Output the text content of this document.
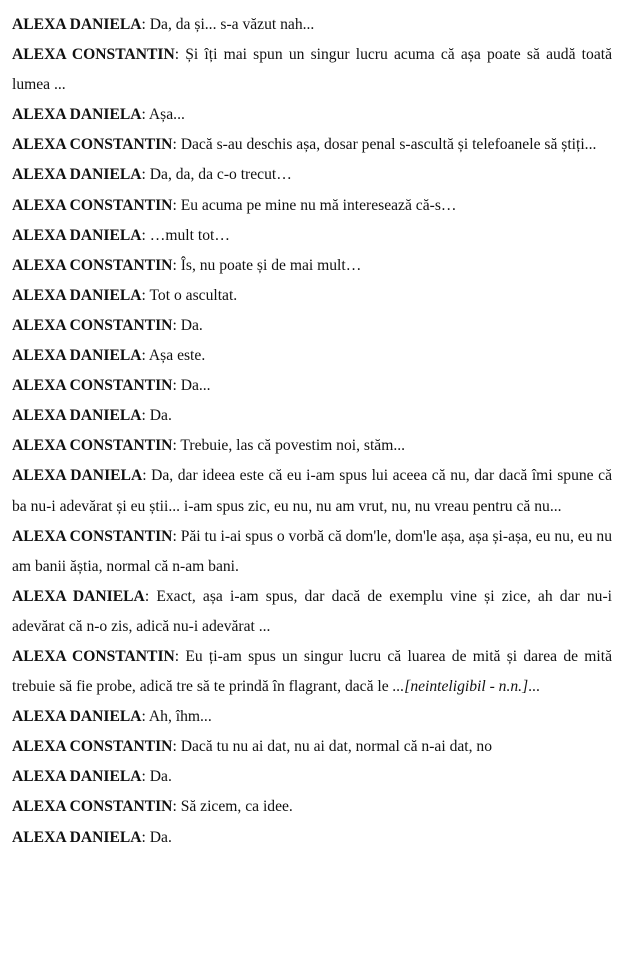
ALEXA DANIELA: Da, da și... s-a văzut nah...

ALEXA CONSTANTIN: Și îți mai spun un singur lucru acuma că așa poate să audă toată lumea ...

ALEXA DANIELA: Așa...

ALEXA CONSTANTIN: Dacă s-au deschis așa, dosar penal s-ascultă și telefoanele să știți...

ALEXA DANIELA: Da, da, da c-o trecut…

ALEXA CONSTANTIN: Eu acuma pe mine nu mă interesează că-s…

ALEXA DANIELA: …mult tot…

ALEXA CONSTANTIN: Îs, nu poate și de mai mult…

ALEXA DANIELA: Tot o ascultat.

ALEXA CONSTANTIN: Da.

ALEXA DANIELA: Așa este.

ALEXA CONSTANTIN: Da...

ALEXA DANIELA: Da.

ALEXA CONSTANTIN: Trebuie, las că povestim noi, stăm...

ALEXA DANIELA: Da, dar ideea este că eu i-am spus lui aceea că nu, dar dacă îmi spune că ba nu-i adevărat și eu știi... i-am spus zic, eu nu, nu am vrut, nu, nu vreau pentru că nu...

ALEXA CONSTANTIN: Păi tu i-ai spus o vorbă că dom'le, dom'le așa, așa și-așa, eu nu, eu nu am banii ăștia, normal că n-am bani.

ALEXA DANIELA: Exact, așa i-am spus, dar dacă de exemplu vine și zice, ah dar nu-i adevărat că n-o zis, adică nu-i adevărat ...

ALEXA CONSTANTIN: Eu ți-am spus un singur lucru că luarea de mită și darea de mită trebuie să fie probe, adică tre să te prindă în flagrant, dacă le ...[neinteligibil - n.n.]...

ALEXA DANIELA: Ah, îhm...

ALEXA CONSTANTIN: Dacă tu nu ai dat, nu ai dat, normal că n-ai dat, no

ALEXA DANIELA: Da.

ALEXA CONSTANTIN: Să zicem, ca idee.

ALEXA DANIELA: Da.
